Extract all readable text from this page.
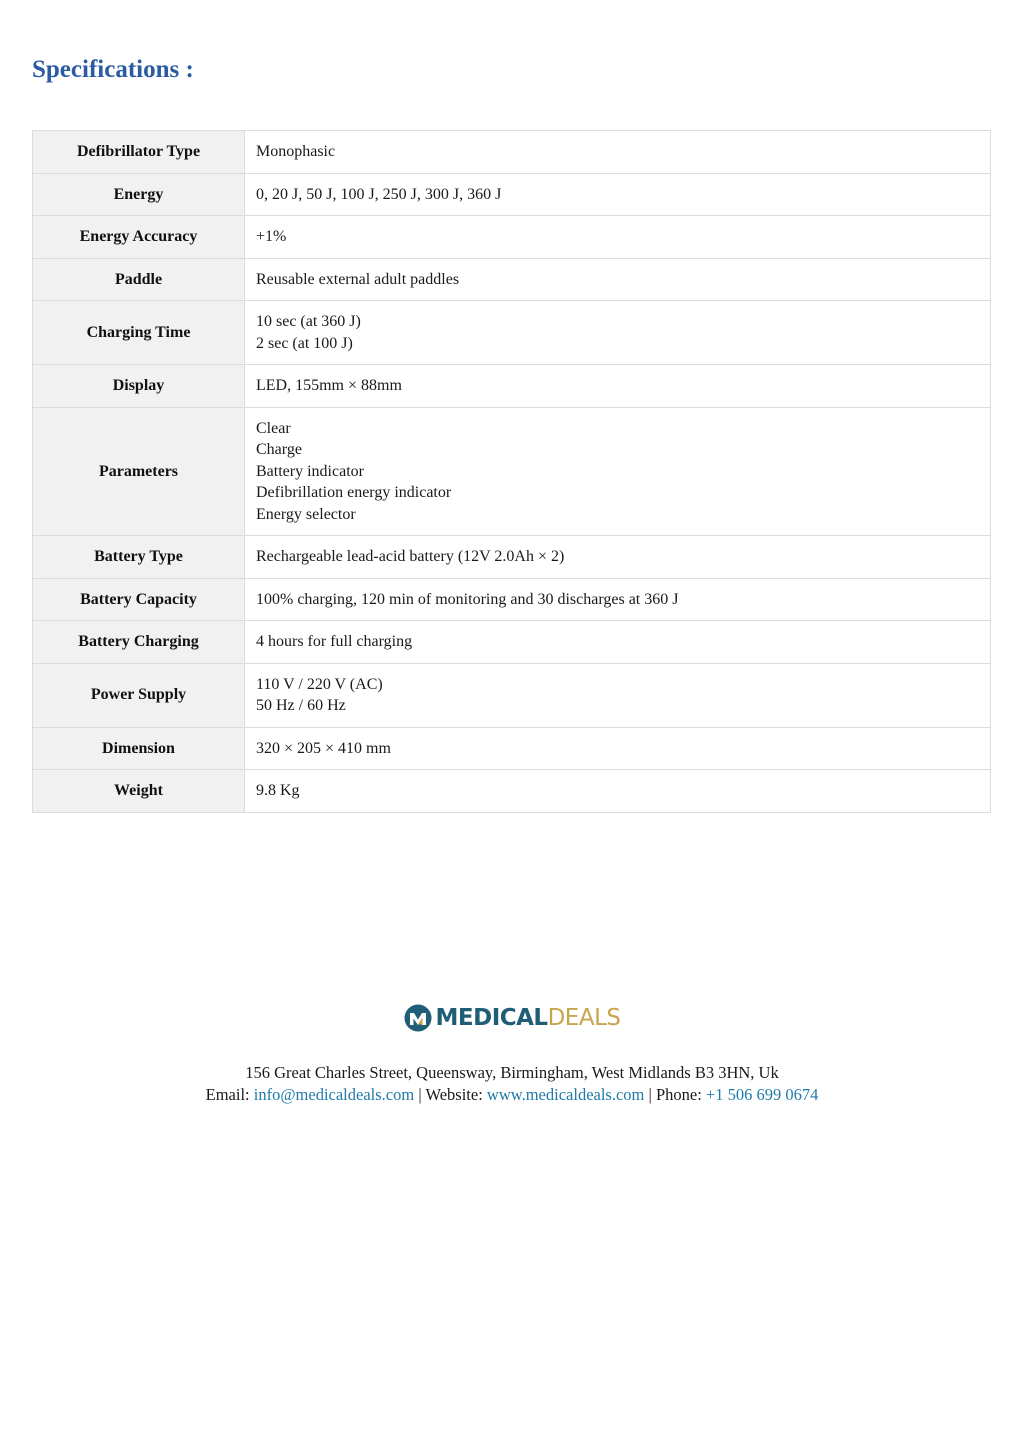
Specifications :
Defibrillator Type	Monophasic

Energy	0, 20 J, 50 J, 100 J, 250 J, 300 J, 360 J

Energy Accuracy	+1%

Paddle	Reusable external adult paddles

Charging Time	10 sec (at 360 J)
2 sec (at 100 J)

Display	LED, 155mm × 88mm

Parameters	Clear
Charge
Battery indicator
Defibrillation energy indicator
Energy selector

Battery Type	Rechargeable lead-acid battery (12V 2.0Ah × 2)

Battery Capacity	100% charging, 120 min of monitoring and 30 discharges at 360 J

Battery Charging	4 hours for full charging

Power Supply	110 V / 220 V (AC)
50 Hz / 60 Hz

Dimension	320 × 205 × 410 mm

Weight	9.8 Kg
MEDICAL DEALS
156 Great Charles Street, Queensway, Birmingham, West Midlands B3 3HN, Uk
Email: info@medicaldeals.com | Website: www.medicaldeals.com | Phone: +1 506 699 0674
